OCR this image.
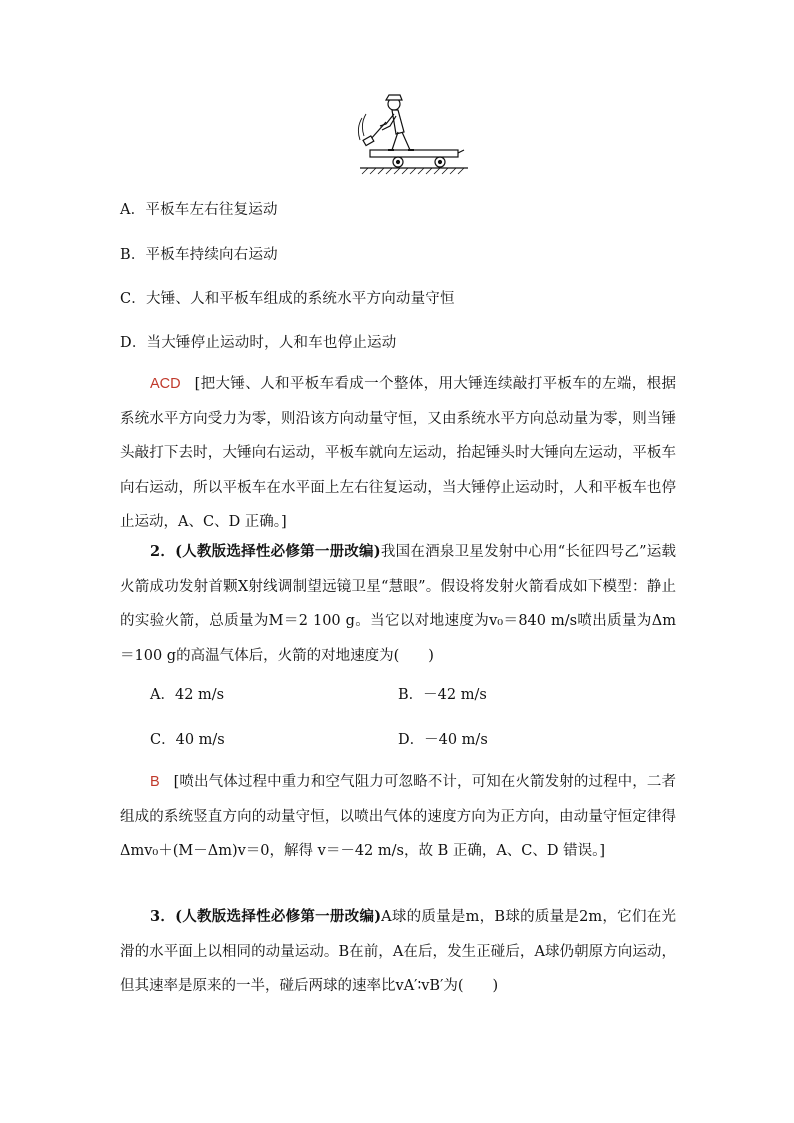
A．平板车左右往复运动
B．平板车持续向右运动
C．大锤、人和平板车组成的系统水平方向动量守恒
D．当大锤停止运动时，人和车也停止运动
ACD [把大锤、人和平板车看成一个整体，用大锤连续敲打平板车的左端，根据系统水平方向受力为零，则沿该方向动量守恒，又由系统水平方向总动量为零，则当锤头敲打下去时，大锤向右运动，平板车就向左运动，抬起锤头时大锤向左运动，平板车向右运动，所以平板车在水平面上左右往复运动，当大锤停止运动时，人和平板车也停止运动，A、C、D 正确。]
2．(人教版选择性必修第一册改编)我国在酒泉卫星发射中心用“长征四号乙”运载火箭成功发射首颗X射线调制望远镜卫星“慧眼”。假设将发射火箭看成如下模型：静止的实验火箭，总质量为M＝2 100 g。当它以对地速度为v₀＝840 m/s喷出质量为Δm＝100 g的高温气体后，火箭的对地速度为(　　)
A．42 m/s	B．－42 m/s
C．40 m/s	D．－40 m/s
B [喷出气体过程中重力和空气阻力可忽略不计，可知在火箭发射的过程中，二者组成的系统竖直方向的动量守恒，以喷出气体的速度方向为正方向，由动量守恒定律得 Δmv₀＋(M－Δm)v＝0，解得 v＝－42 m/s，故 B 正确，A、C、D 错误。]
3．(人教版选择性必修第一册改编)A球的质量是m，B球的质量是2m，它们在光滑的水平面上以相同的动量运动。B在前，A在后，发生正碰后，A球仍朝原方向运动，但其速率是原来的一半，碰后两球的速率比vA′∶vB′为(　　)
